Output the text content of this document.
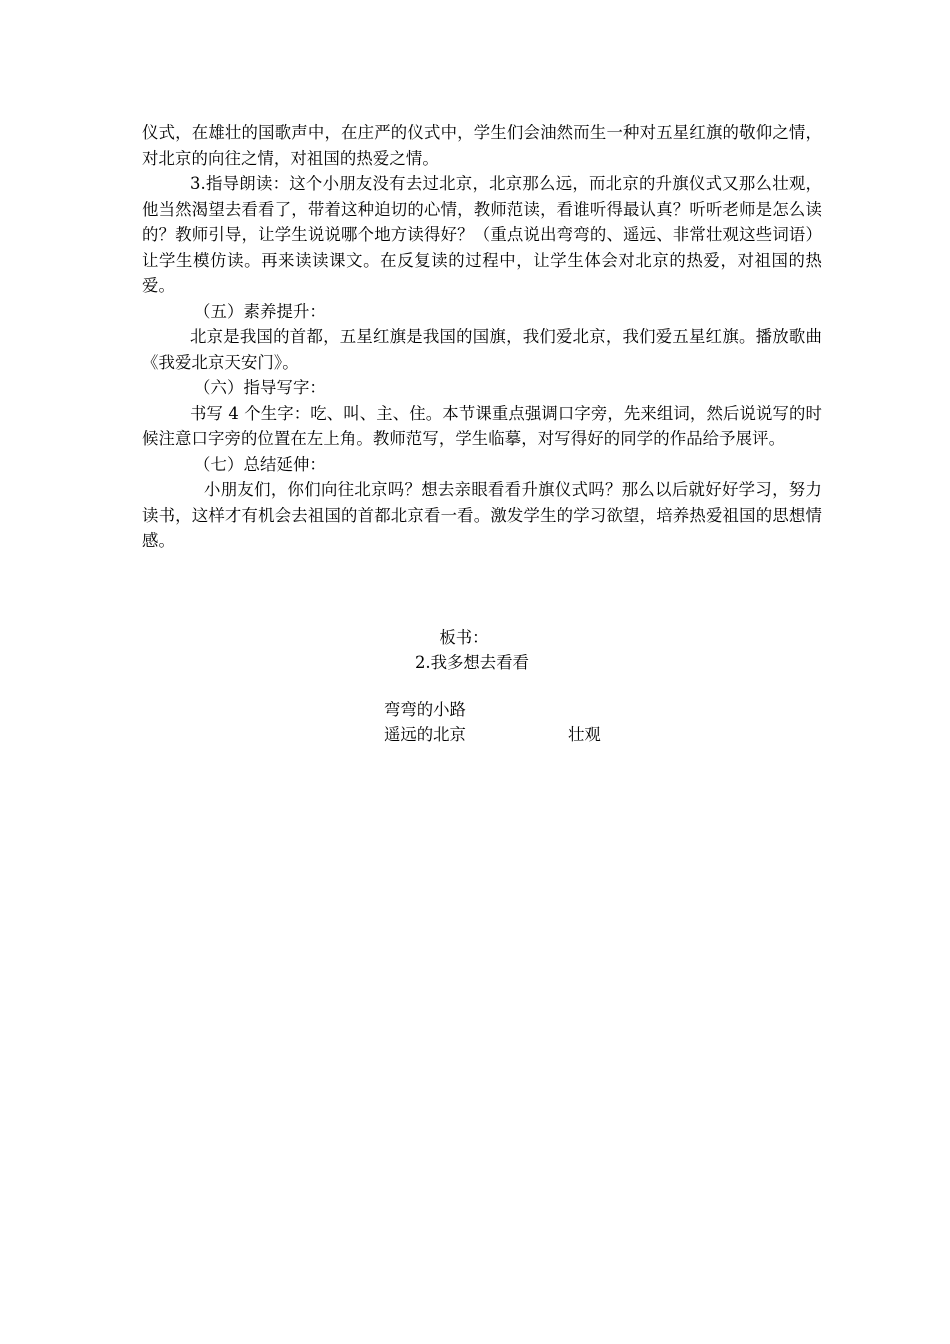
仪式，在雄壮的国歌声中，在庄严的仪式中，学生们会油然而生一种对五星红旗的敬仰之情，对北京的向往之情，对祖国的热爱之情。

3.指导朗读：这个小朋友没有去过北京，北京那么远，而北京的升旗仪式又那么壮观，他当然渴望去看看了，带着这种迫切的心情，教师范读，看谁听得最认真？听听老师是怎么读的？教师引导，让学生说说哪个地方读得好？（重点说出弯弯的、遥远、非常壮观这些词语）让学生模仿读。再来读读课文。在反复读的过程中，让学生体会对北京的热爱，对祖国的热爱。

（五）素养提升：

北京是我国的首都，五星红旗是我国的国旗，我们爱北京，我们爱五星红旗。播放歌曲《我爱北京天安门》。

（六）指导写字：

书写 4 个生字：吃、叫、主、住。本节课重点强调口字旁，先来组词，然后说说写的时候注意口字旁的位置在左上角。教师范写，学生临摹，对写得好的同学的作品给予展评。

（七）总结延伸：

小朋友们，你们向往北京吗？想去亲眼看看升旗仪式吗？那么以后就好好学习，努力读书，这样才有机会去祖国的首都北京看一看。激发学生的学习欲望，培养热爱祖国的思想情感。

板书：
2.我多想去看看
弯弯的小路
遥远的北京	壮观
